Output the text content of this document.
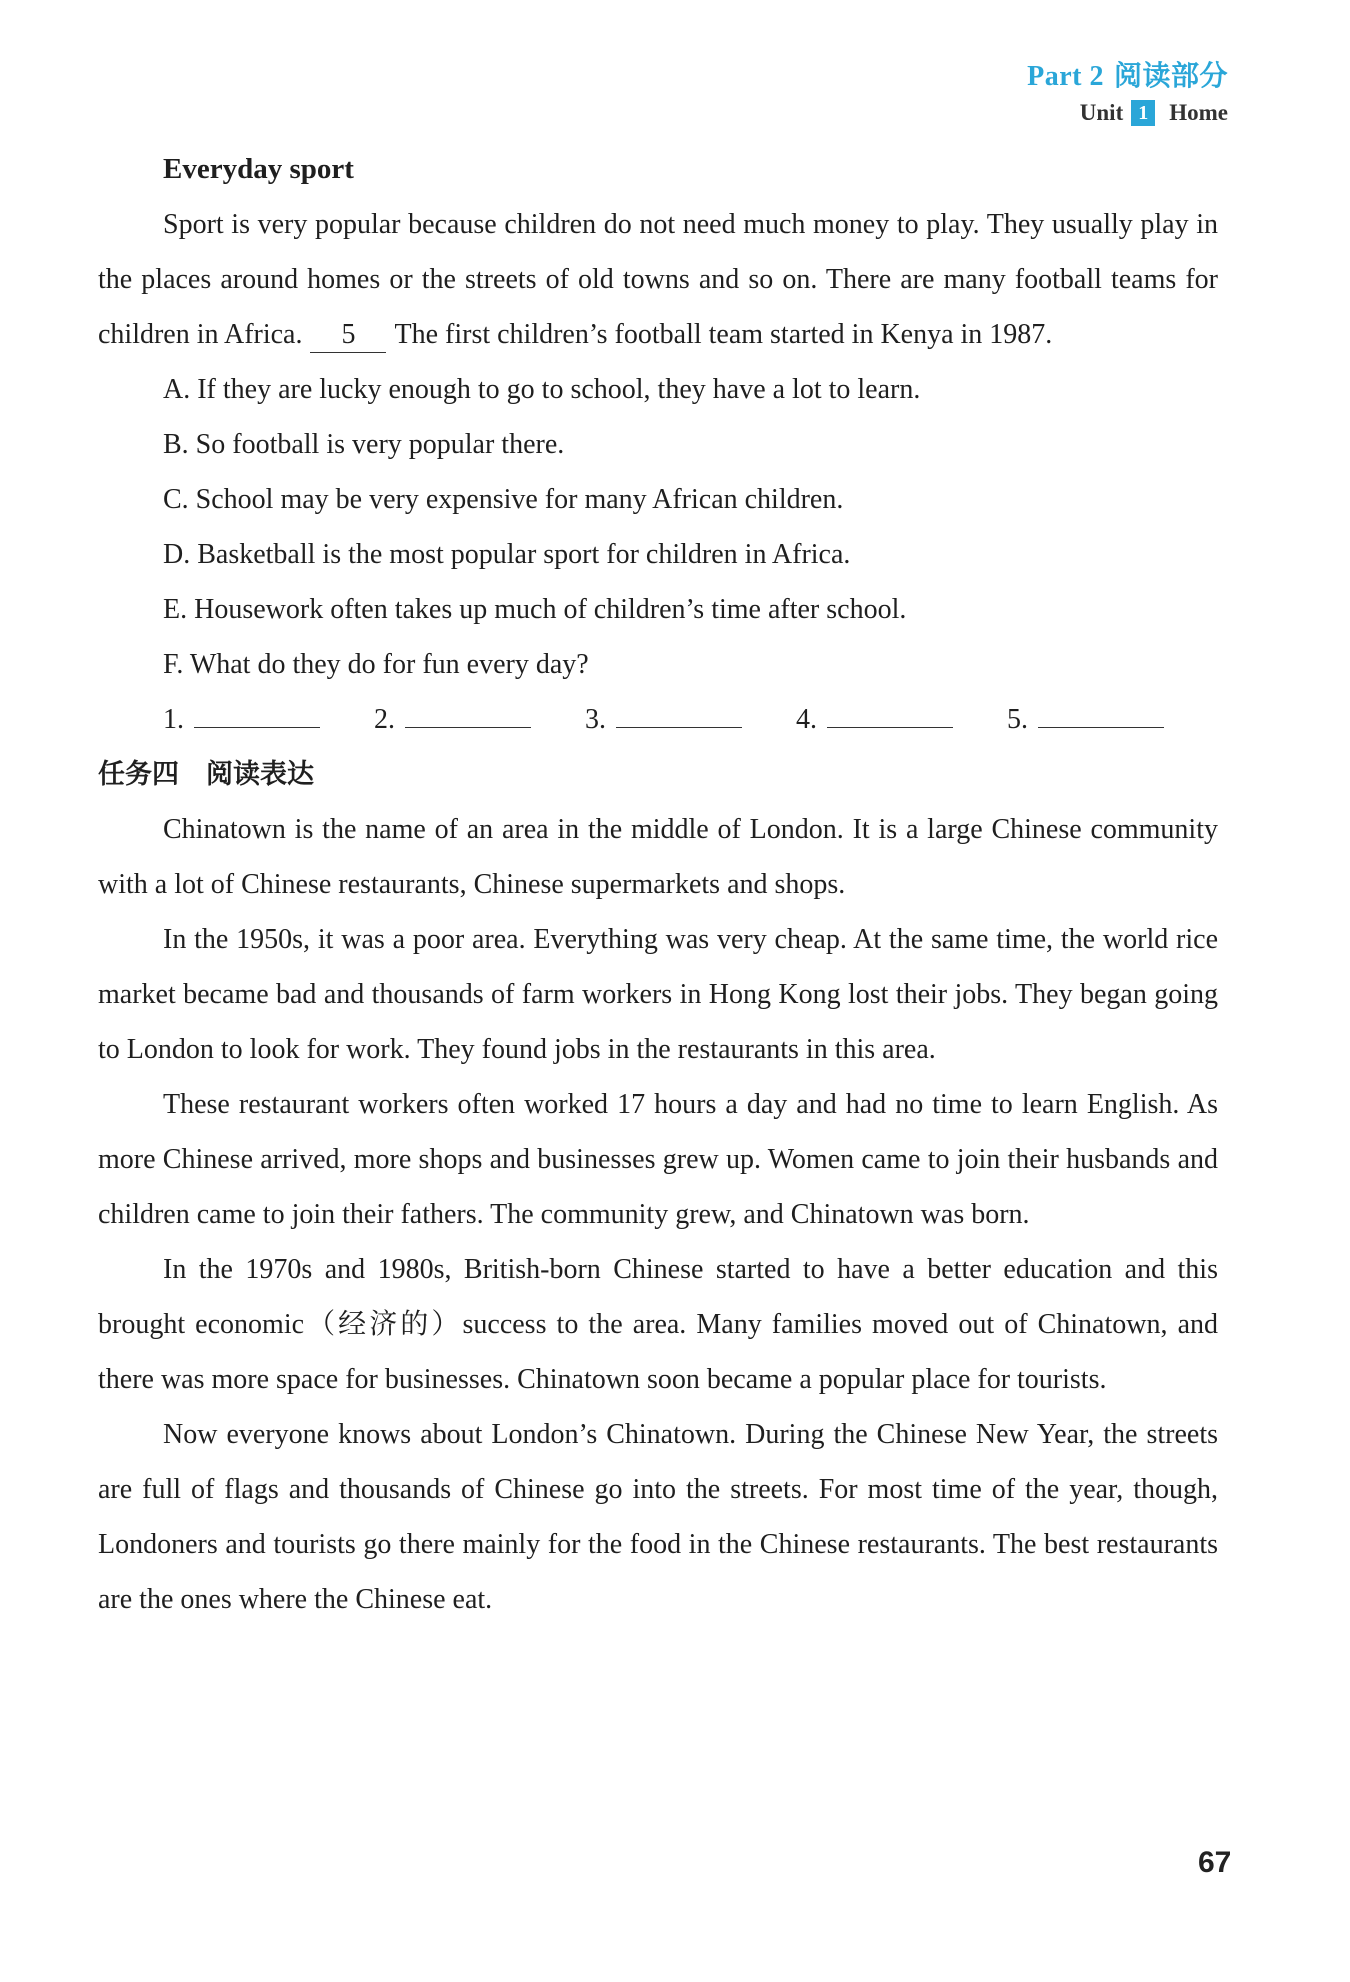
Part 2 阅读部分
Unit 1 Home
Everyday sport

Sport is very popular because children do not need much money to play. They usually play in the places around homes or the streets of old towns and so on. There are many football teams for children in Africa. 5 The first children’s football team started in Kenya in 1987.

A. If they are lucky enough to go to school, they have a lot to learn.
B. So football is very popular there.
C. School may be very expensive for many African children.
D. Basketball is the most popular sport for children in Africa.
E. Housework often takes up much of children’s time after school.
F. What do they do for fun every day?
1.	2.	3.	4.	5.
任务四　阅读表达

Chinatown is the name of an area in the middle of London. It is a large Chinese community with a lot of Chinese restaurants, Chinese supermarkets and shops.

In the 1950s, it was a poor area. Everything was very cheap. At the same time, the world rice market became bad and thousands of farm workers in Hong Kong lost their jobs. They began going to London to look for work. They found jobs in the restaurants in this area.

These restaurant workers often worked 17 hours a day and had no time to learn English. As more Chinese arrived, more shops and businesses grew up. Women came to join their husbands and children came to join their fathers. The community grew, and Chinatown was born.

In the 1970s and 1980s, British-born Chinese started to have a better education and this brought economic（经济的）success to the area. Many families moved out of Chinatown, and there was more space for businesses. Chinatown soon became a popular place for tourists.

Now everyone knows about London’s Chinatown. During the Chinese New Year, the streets are full of flags and thousands of Chinese go into the streets. For most time of the year, though, Londoners and tourists go there mainly for the food in the Chinese restaurants. The best restaurants are the ones where the Chinese eat.

67
